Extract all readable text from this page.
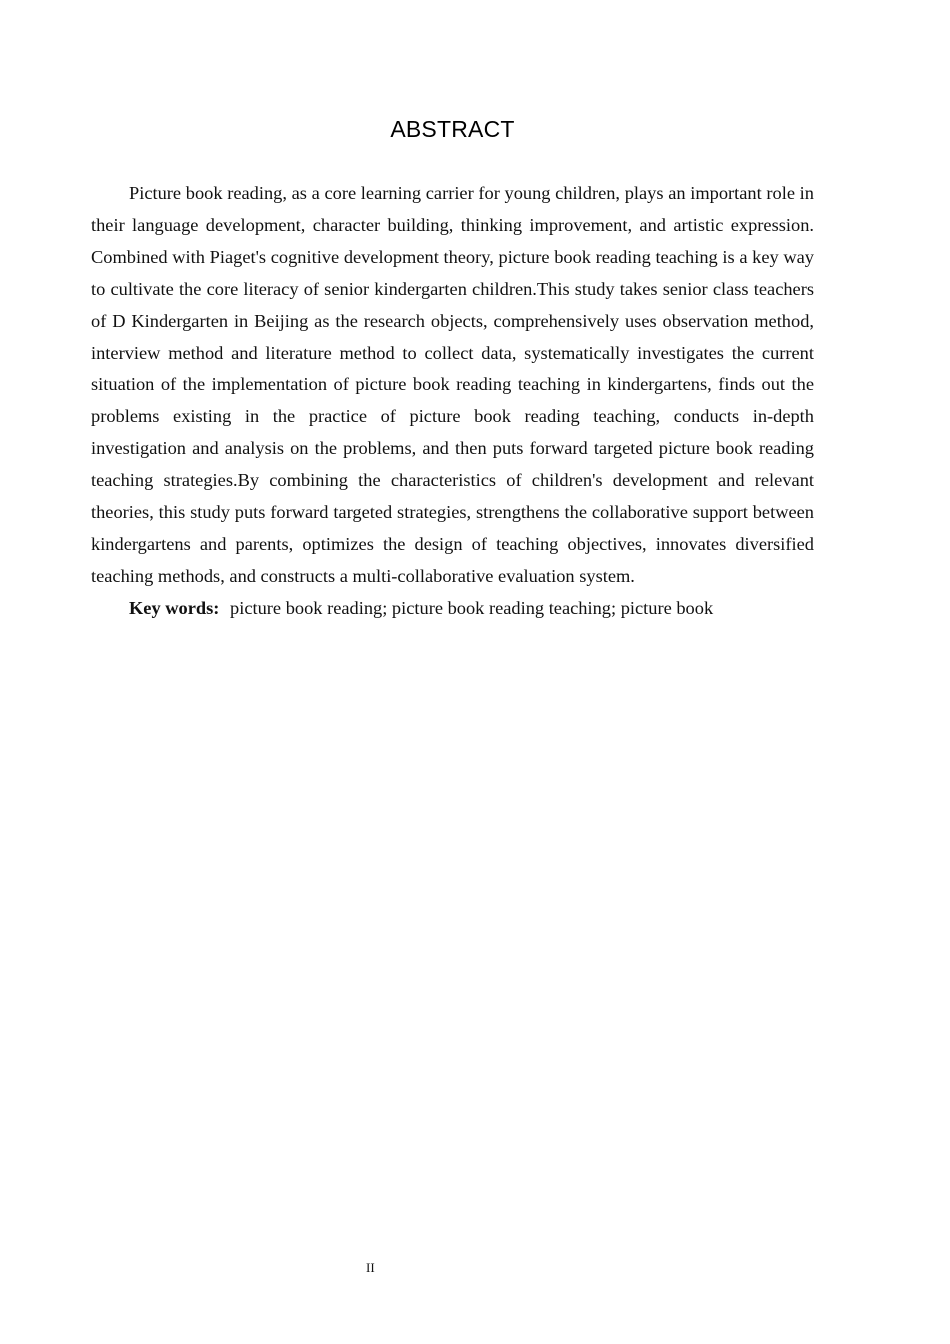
ABSTRACT

Picture book reading, as a core learning carrier for young children, plays an important role in their language development, character building, thinking improvement, and artistic expression. Combined with Piaget's cognitive development theory, picture book reading teaching is a key way to cultivate the core literacy of senior kindergarten children.This study takes senior class teachers of D Kindergarten in Beijing as the research objects, comprehensively uses observation method, interview method and literature method to collect data, systematically investigates the current situation of the implementation of picture book reading teaching in kindergartens, finds out the problems existing in the practice of picture book reading teaching, conducts in-depth investigation and analysis on the problems, and then puts forward targeted picture book reading teaching strategies.By combining the characteristics of children's development and relevant theories, this study puts forward targeted strategies, strengthens the collaborative support between kindergartens and parents, optimizes the design of teaching objectives, innovates diversified teaching methods, and constructs a multi-collaborative evaluation system.

Key words: picture book reading; picture book reading teaching; picture book

II
